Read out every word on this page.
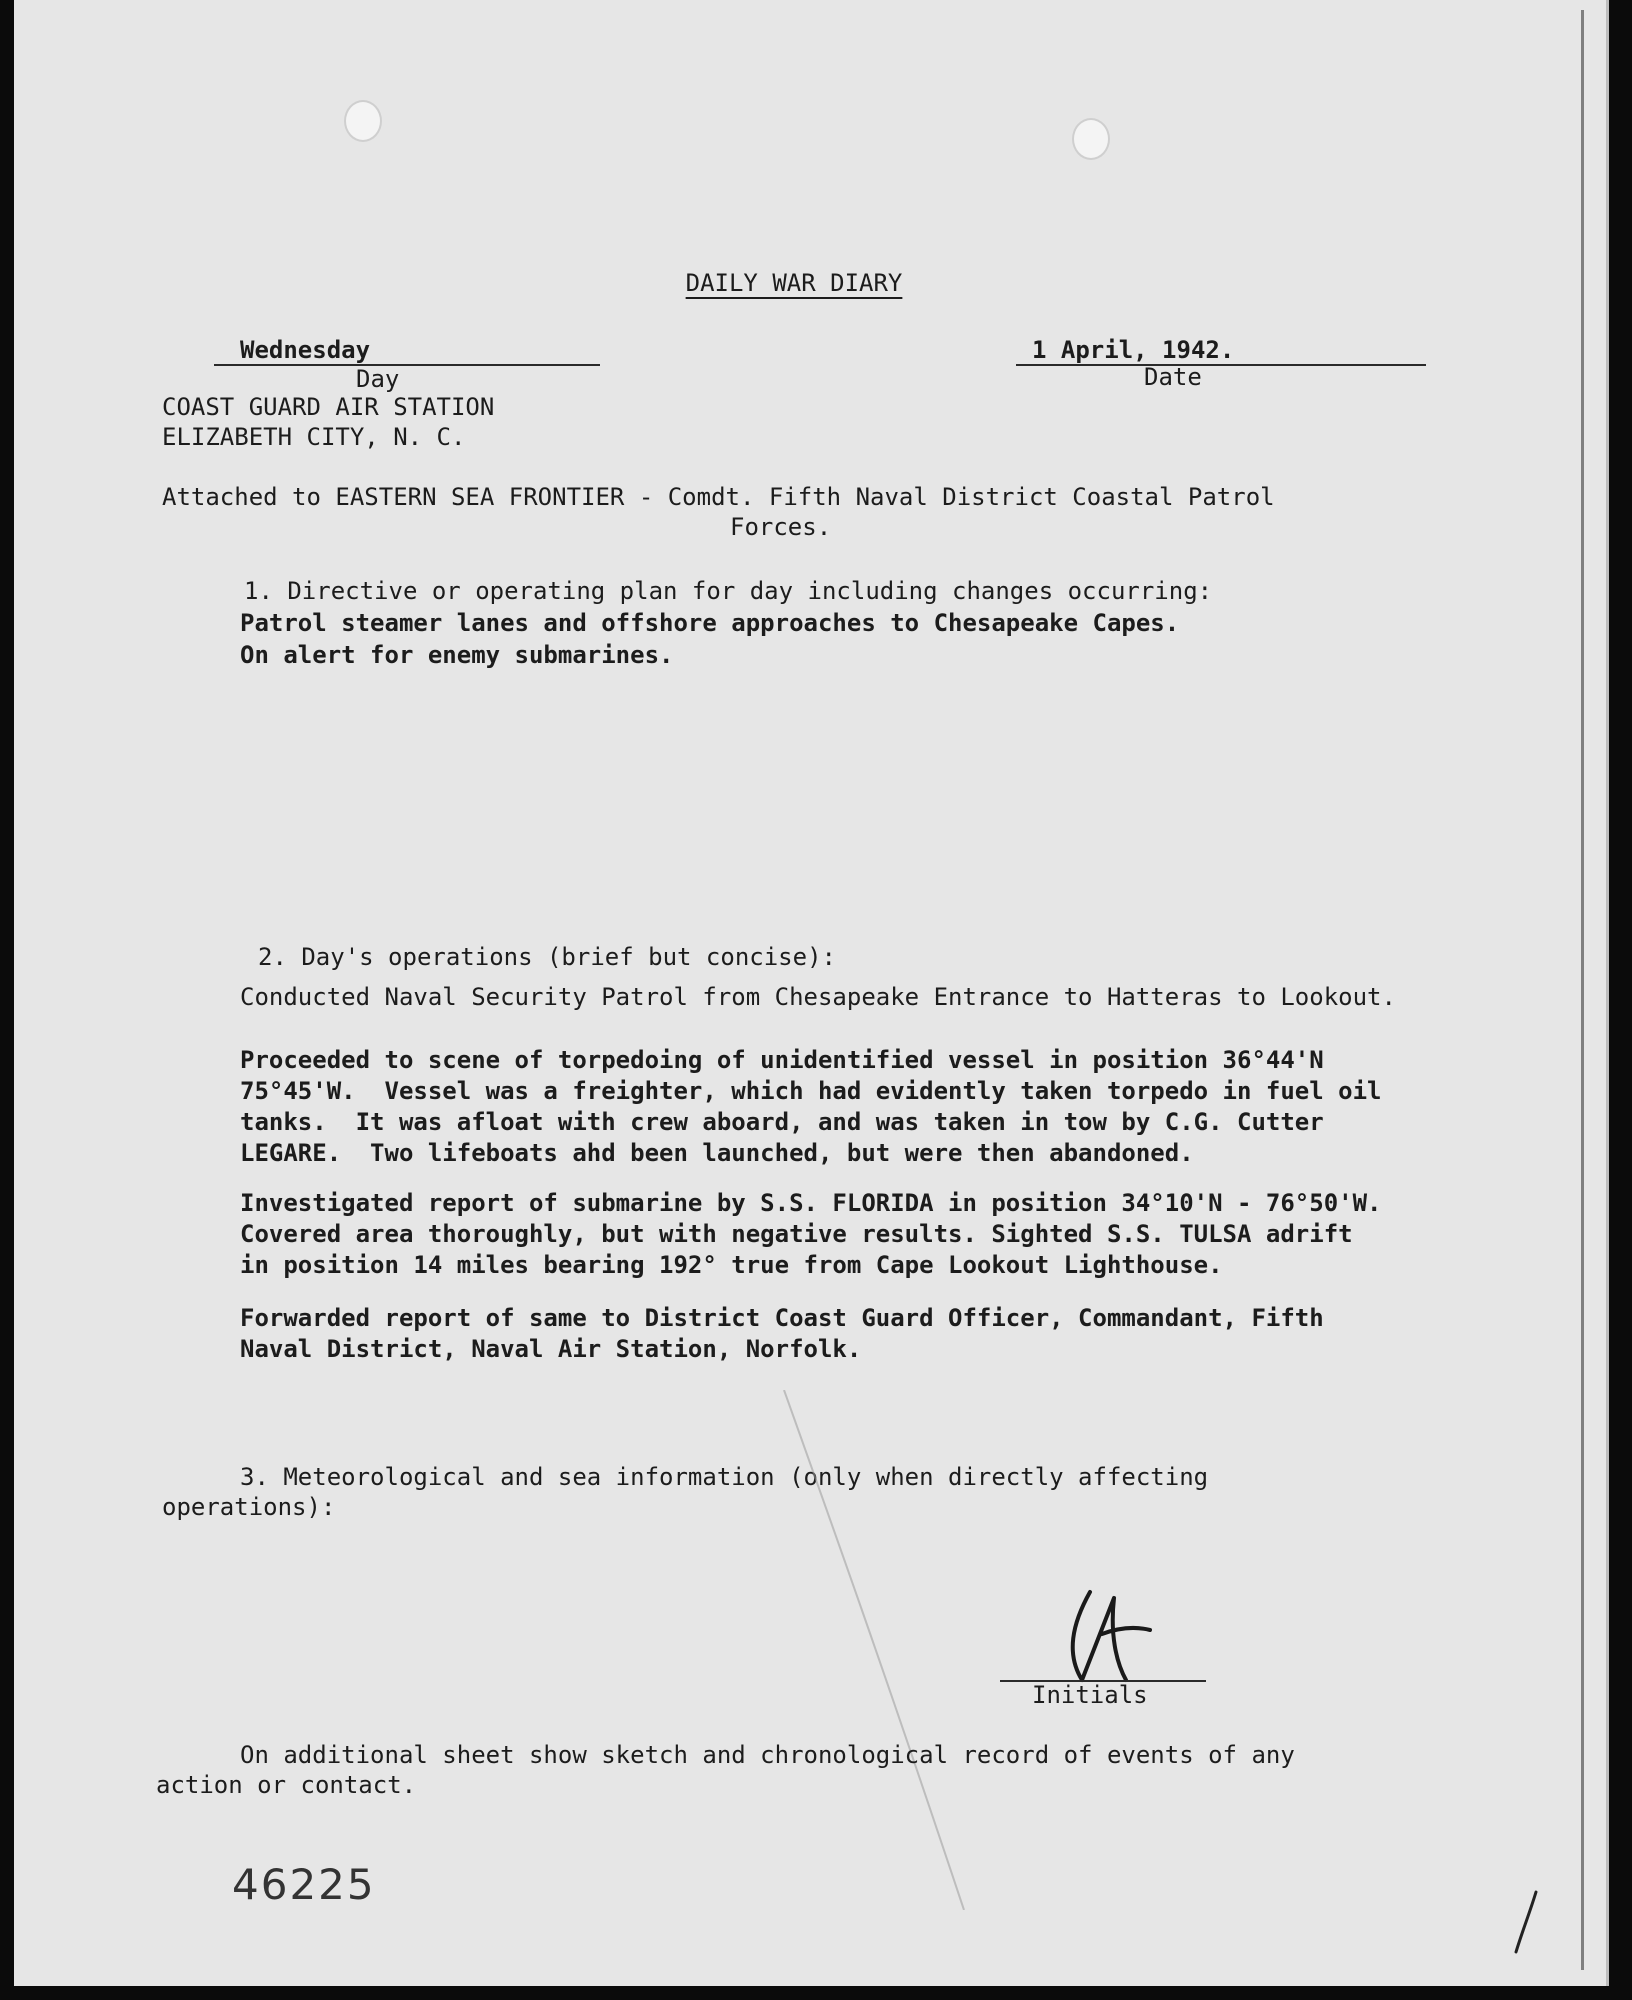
DAILY WAR DIARY
Wednesday
Day
1 April, 1942.
Date
COAST GUARD AIR STATION
ELIZABETH CITY, N. C.
Attached to EASTERN SEA FRONTIER - Comdt. Fifth Naval District Coastal Patrol
Forces.
1. Directive or operating plan for day including changes occurring:
Patrol steamer lanes and offshore approaches to Chesapeake Capes.
On alert for enemy submarines.
2. Day's operations (brief but concise):
Conducted Naval Security Patrol from Chesapeake Entrance to Hatteras to Lookout.
Proceeded to scene of torpedoing of unidentified vessel in position 36°44'N
75°45'W.  Vessel was a freighter, which had evidently taken torpedo in fuel oil
tanks.  It was afloat with crew aboard, and was taken in tow by C.G. Cutter
LEGARE.  Two lifeboats ahd been launched, but were then abandoned.
Investigated report of submarine by S.S. FLORIDA in position 34°10'N - 76°50'W.
Covered area thoroughly, but with negative results. Sighted S.S. TULSA adrift
in position 14 miles bearing 192° true from Cape Lookout Lighthouse.
Forwarded report of same to District Coast Guard Officer, Commandant, Fifth
Naval District, Naval Air Station, Norfolk.
3. Meteorological and sea information (only when directly affecting
operations):
Initials
On additional sheet show sketch and chronological record of events of any
action or contact.
46225
